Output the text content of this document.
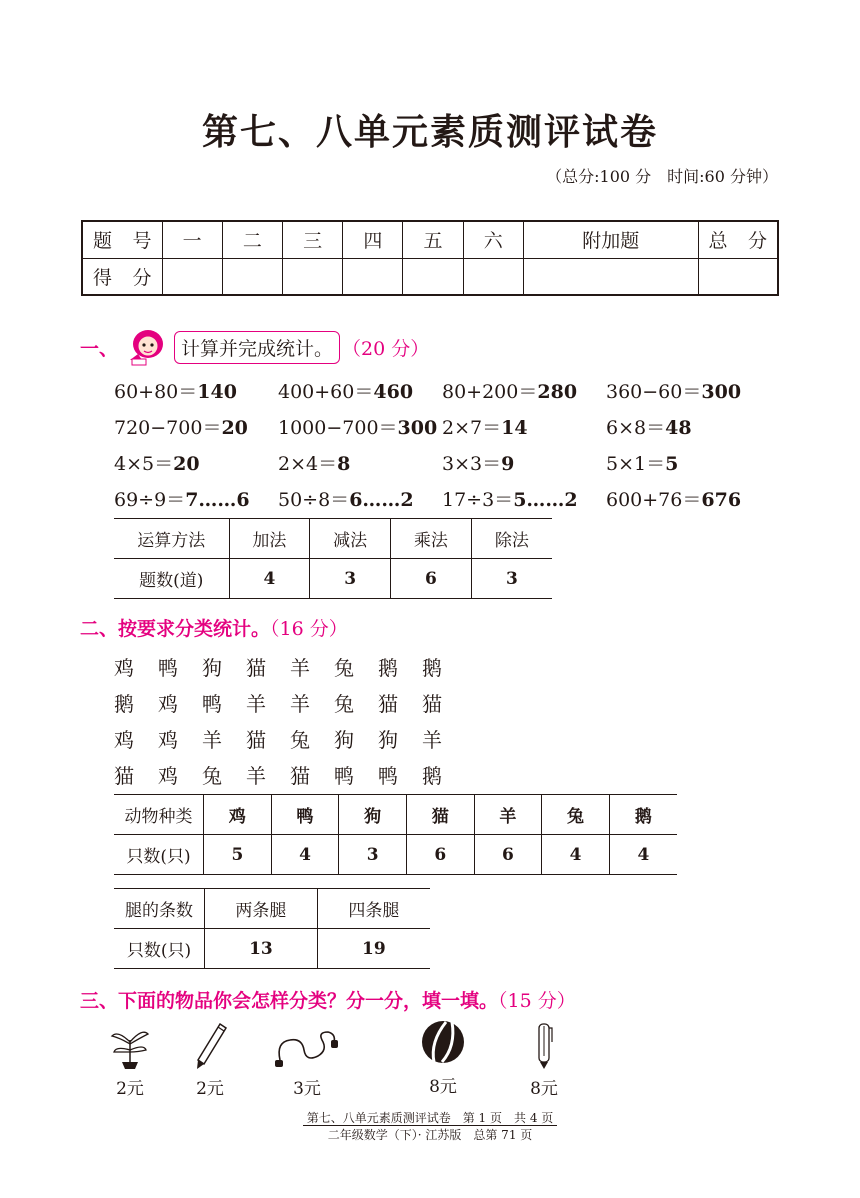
第七、八单元素质测评试卷
（总分:100 分　时间:60 分钟）
题　号	一	二	三	四	五	六	附加题	总　分
得　分								
一、	计算并完成统计。 （20 分）
60+80＝140	400+60＝460	80+200＝280	360−60＝300
720−700＝20	1000−700＝300 2×7＝14	6×8＝48
4×5＝20	2×4＝8	3×3＝9	5×1＝5
69÷9＝7……6	50÷8＝6……2	17÷3＝5……2	600+76＝676
运算方法	加法	减法	乘法	除法
题数(道)	4	3	6	3
二、按要求分类统计。（16 分）
鸡	鸭	狗	猫	羊	兔	鹅	鹅
鹅	鸡	鸭	羊	羊	兔	猫	猫
鸡	鸡	羊	猫	兔	狗	狗	羊
猫	鸡	兔	羊	猫	鸭	鸭	鹅
动物种类	鸡	鸭	狗	猫	羊	兔	鹅
只数(只)	5	4	3	6	6	4	4
腿的条数	两条腿	四条腿
只数(只)	13	19
三、下面的物品你会怎样分类？分一分，填一填。（15 分）
2元	2元	3元	8元	8元
第七、八单元素质测评试卷　第 1 页　共 4 页
二年级数学（下）· 江苏版　总第 71 页
